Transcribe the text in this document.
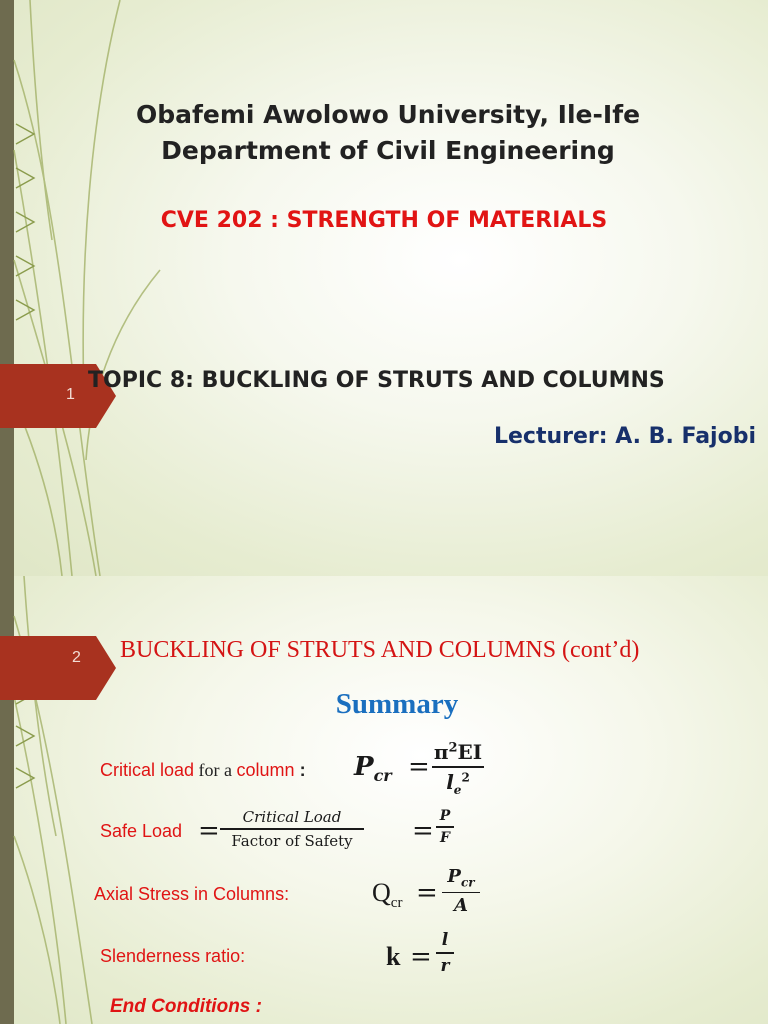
Obafemi Awolowo University, Ile-Ife
Department of Civil Engineering
CVE 202 : STRENGTH OF MATERIALS
1
TOPIC 8: BUCKLING OF STRUTS AND COLUMNS
Lecturer: A. B. Fajobi
2 BUCKLING OF STRUTS AND COLUMNS (cont’d)
Summary
Critical load for a column : $P_{cr} = \pi^2EI$
$l_e^2$
Safe Load =	Critical Load
Factor of Safety	= P
F
Axial Stress in Columns:	$Q_{cr}$ =
$P_{cr}$
A
Slenderness ratio:	k =
l
r
End Conditions :
